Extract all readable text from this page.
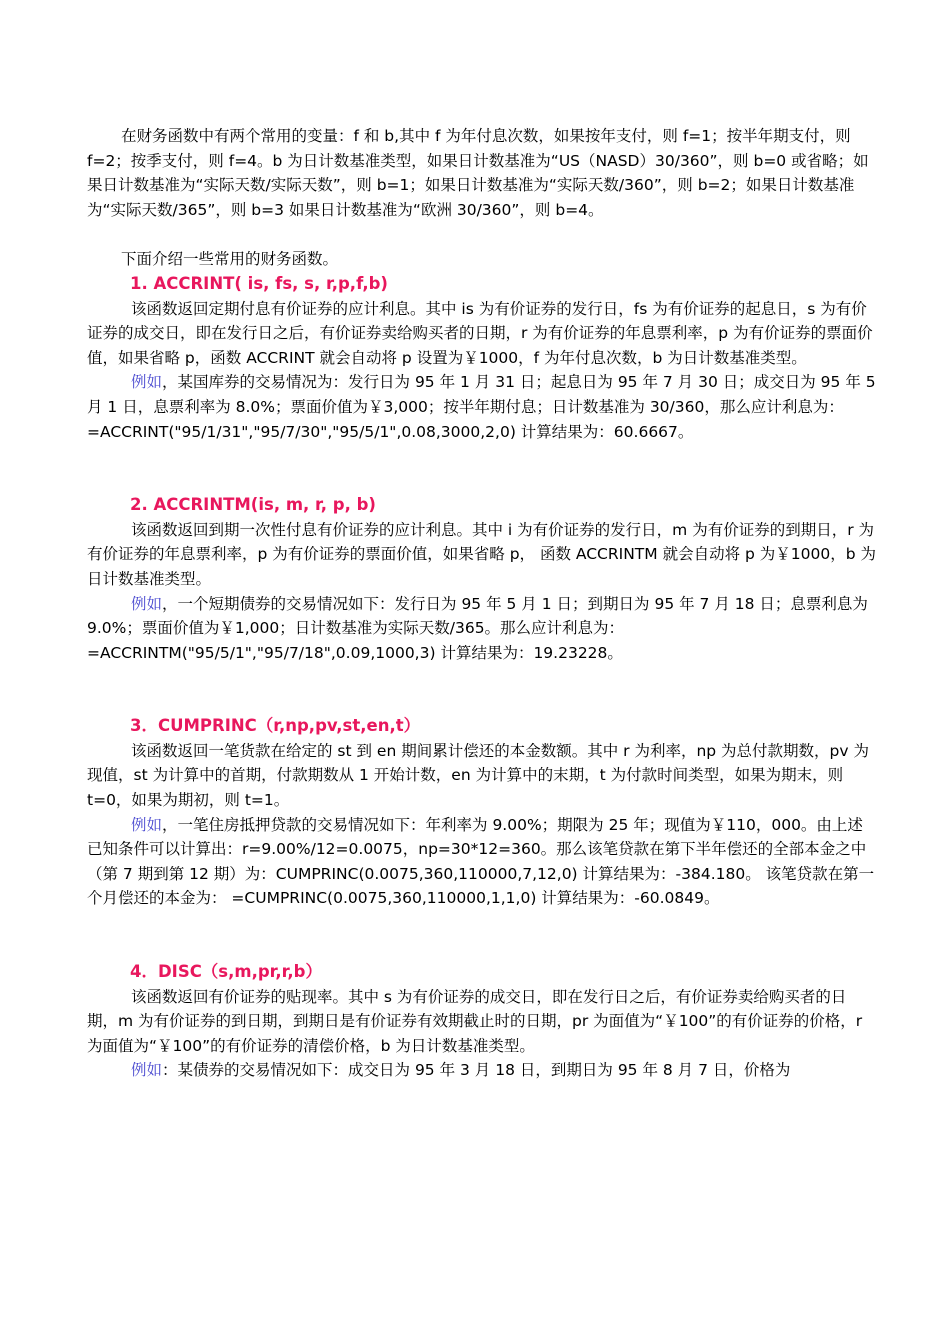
在财务函数中有两个常用的变量：f 和 b,其中 f 为年付息次数，如果按年支付，则 f=1；按半年期支付，则 f=2；按季支付，则 f=4。b 为日计数基准类型，如果日计数基准为“US（NASD）30/360”，则 b=0 或省略；如果日计数基准为“实际天数/实际天数”，则 b=1；如果日计数基准为“实际天数/360”，则 b=2；如果日计数基准为“实际天数/365”，则 b=3 如果日计数基准为“欧洲 30/360”，则 b=4。

下面介绍一些常用的财务函数。

1. ACCRINT( is, fs, s, r,p,f,b)

该函数返回定期付息有价证券的应计利息。其中 is 为有价证券的发行日，fs 为有价证券的起息日，s 为有价证券的成交日，即在发行日之后，有价证券卖给购买者的日期，r 为有价证券的年息票利率，p 为有价证券的票面价值，如果省略 p，函数 ACCRINT 就会自动将 p 设置为￥1000，f 为年付息次数，b 为日计数基准类型。

例如，某国库券的交易情况为：发行日为 95 年 1 月 31 日；起息日为 95 年 7 月 30 日；成交日为 95 年 5 月 1 日，息票利率为 8.0%；票面价值为￥3,000；按半年期付息；日计数基准为 30/360，那么应计利息为： =ACCRINT("95/1/31","95/7/30","95/5/1",0.08,3000,2,0) 计算结果为：60.6667。

2. ACCRINTM(is, m, r, p, b)

该函数返回到期一次性付息有价证券的应计利息。其中 i 为有价证券的发行日，m 为有价证券的到期日，r 为有价证券的年息票利率，p 为有价证券的票面价值，如果省略 p， 函数 ACCRINTM 就会自动将 p 为￥1000，b 为日计数基准类型。

例如，一个短期债券的交易情况如下：发行日为 95 年 5 月 1 日；到期日为 95 年 7 月 18 日；息票利息为 9.0%；票面价值为￥1,000；日计数基准为实际天数/365。那么应计利息为：=ACCRINTM("95/5/1","95/7/18",0.09,1000,3) 计算结果为：19.23228。

3．CUMPRINC（r,np,pv,st,en,t）

该函数返回一笔货款在给定的 st 到 en 期间累计偿还的本金数额。其中 r 为利率，np 为总付款期数，pv 为现值，st 为计算中的首期，付款期数从 1 开始计数，en 为计算中的末期，t 为付款时间类型，如果为期末，则 t=0，如果为期初，则 t=1。

例如，一笔住房抵押贷款的交易情况如下：年利率为 9.00%；期限为 25 年；现值为￥110，000。由上述已知条件可以计算出：r=9.00%/12=0.0075，np=30*12=360。那么该笔贷款在第下半年偿还的全部本金之中（第 7 期到第 12 期）为：CUMPRINC(0.0075,360,110000,7,12,0) 计算结果为：-384.180。 该笔贷款在第一个月偿还的本金为： =CUMPRINC(0.0075,360,110000,1,1,0) 计算结果为：-60.0849。

4．DISC（s,m,pr,r,b）

该函数返回有价证券的贴现率。其中 s 为有价证券的成交日，即在发行日之后，有价证券卖给购买者的日期，m 为有价证券的到日期，到期日是有价证券有效期截止时的日期，pr 为面值为“￥100”的有价证券的价格，r 为面值为“￥100”的有价证券的清偿价格，b 为日计数基准类型。

例如：某债券的交易情况如下：成交日为 95 年 3 月 18 日，到期日为 95 年 8 月 7 日，价格为
